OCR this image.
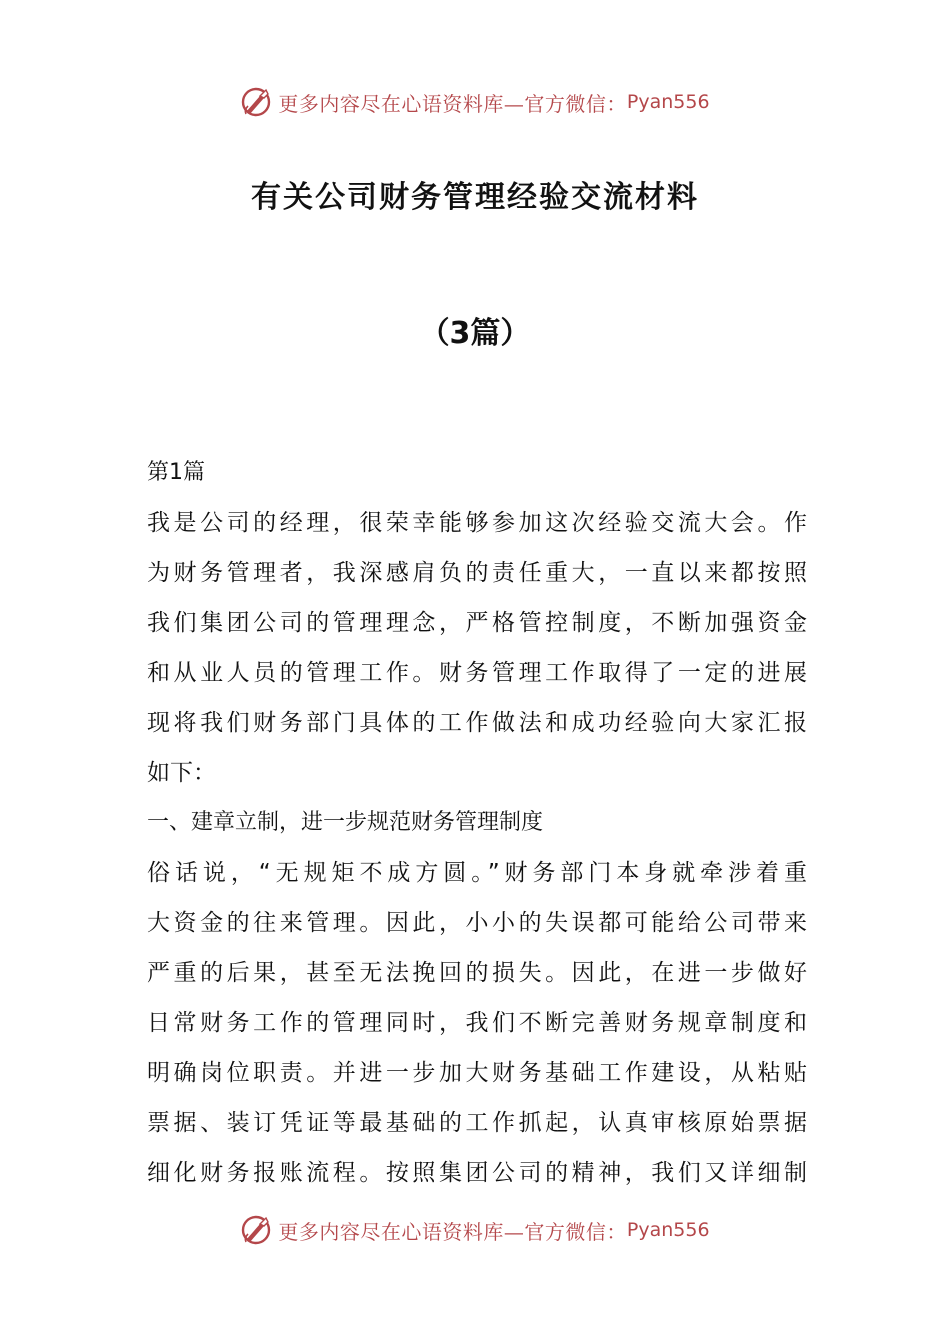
更多内容尽在心语资料库—官方微信： Pyan556
有关公司财务管理经验交流材料
（3篇）
第1篇
我是公司的经理，很荣幸能够参加这次经验交流大会。作
为财务管理者，我深感肩负的责任重大，一直以来都按照
我们集团公司的管理理念，严格管控制度，不断加强资金
和从业人员的管理工作。财务管理工作取得了一定的进展
现将我们财务部门具体的工作做法和成功经验向大家汇报
如下：
一、建章立制，进一步规范财务管理制度
俗话说，“无规矩不成方圆。”财务部门本身就牵涉着重
大资金的往来管理。因此，小小的失误都可能给公司带来
严重的后果，甚至无法挽回的损失。因此，在进一步做好
日常财务工作的管理同时，我们不断完善财务规章制度和
明确岗位职责。并进一步加大财务基础工作建设，从粘贴
票据、装订凭证等最基础的工作抓起，认真审核原始票据
细化财务报账流程。按照集团公司的精神，我们又详细制
更多内容尽在心语资料库—官方微信： Pyan556
